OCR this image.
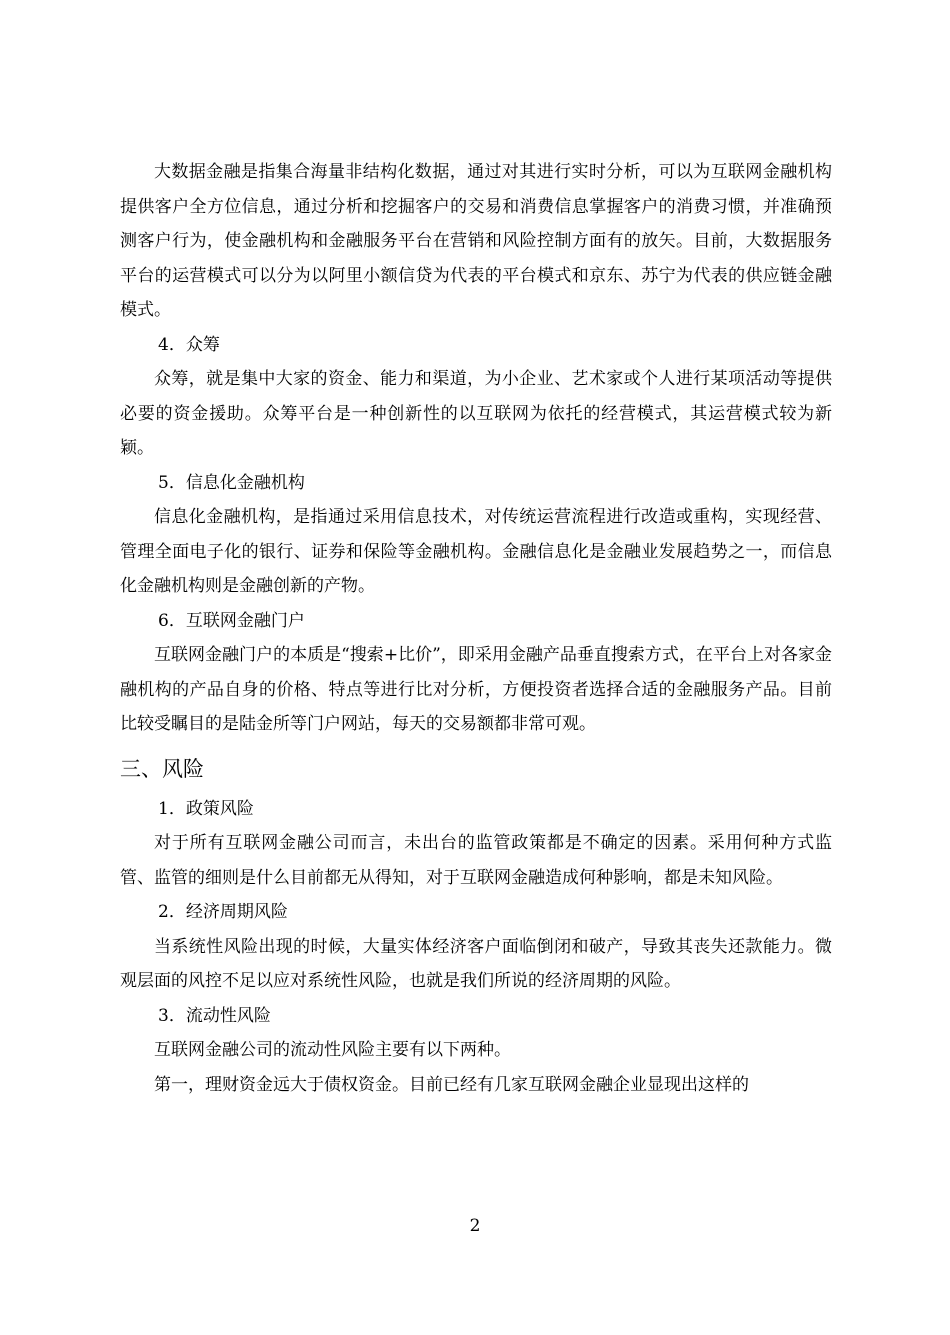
大数据金融是指集合海量非结构化数据，通过对其进行实时分析，可以为互联网金融机构提供客户全方位信息，通过分析和挖掘客户的交易和消费信息掌握客户的消费习惯，并准确预测客户行为，使金融机构和金融服务平台在营销和风险控制方面有的放矢。目前，大数据服务平台的运营模式可以分为以阿里小额信贷为代表的平台模式和京东、苏宁为代表的供应链金融模式。

4．众筹

众筹，就是集中大家的资金、能力和渠道，为小企业、艺术家或个人进行某项活动等提供必要的资金援助。众筹平台是一种创新性的以互联网为依托的经营模式，其运营模式较为新颖。

5．信息化金融机构

信息化金融机构，是指通过采用信息技术，对传统运营流程进行改造或重构，实现经营、管理全面电子化的银行、证券和保险等金融机构。金融信息化是金融业发展趋势之一，而信息化金融机构则是金融创新的产物。

6．互联网金融门户

互联网金融门户的本质是“搜索+比价”，即采用金融产品垂直搜索方式，在平台上对各家金融机构的产品自身的价格、特点等进行比对分析，方便投资者选择合适的金融服务产品。目前比较受瞩目的是陆金所等门户网站，每天的交易额都非常可观。

三、风险

1．政策风险

对于所有互联网金融公司而言，未出台的监管政策都是不确定的因素。采用何种方式监管、监管的细则是什么目前都无从得知，对于互联网金融造成何种影响，都是未知风险。

2．经济周期风险

当系统性风险出现的时候，大量实体经济客户面临倒闭和破产，导致其丧失还款能力。微观层面的风控不足以应对系统性风险，也就是我们所说的经济周期的风险。

3．流动性风险

互联网金融公司的流动性风险主要有以下两种。

第一，理财资金远大于债权资金。目前已经有几家互联网金融企业显现出这样的

2
